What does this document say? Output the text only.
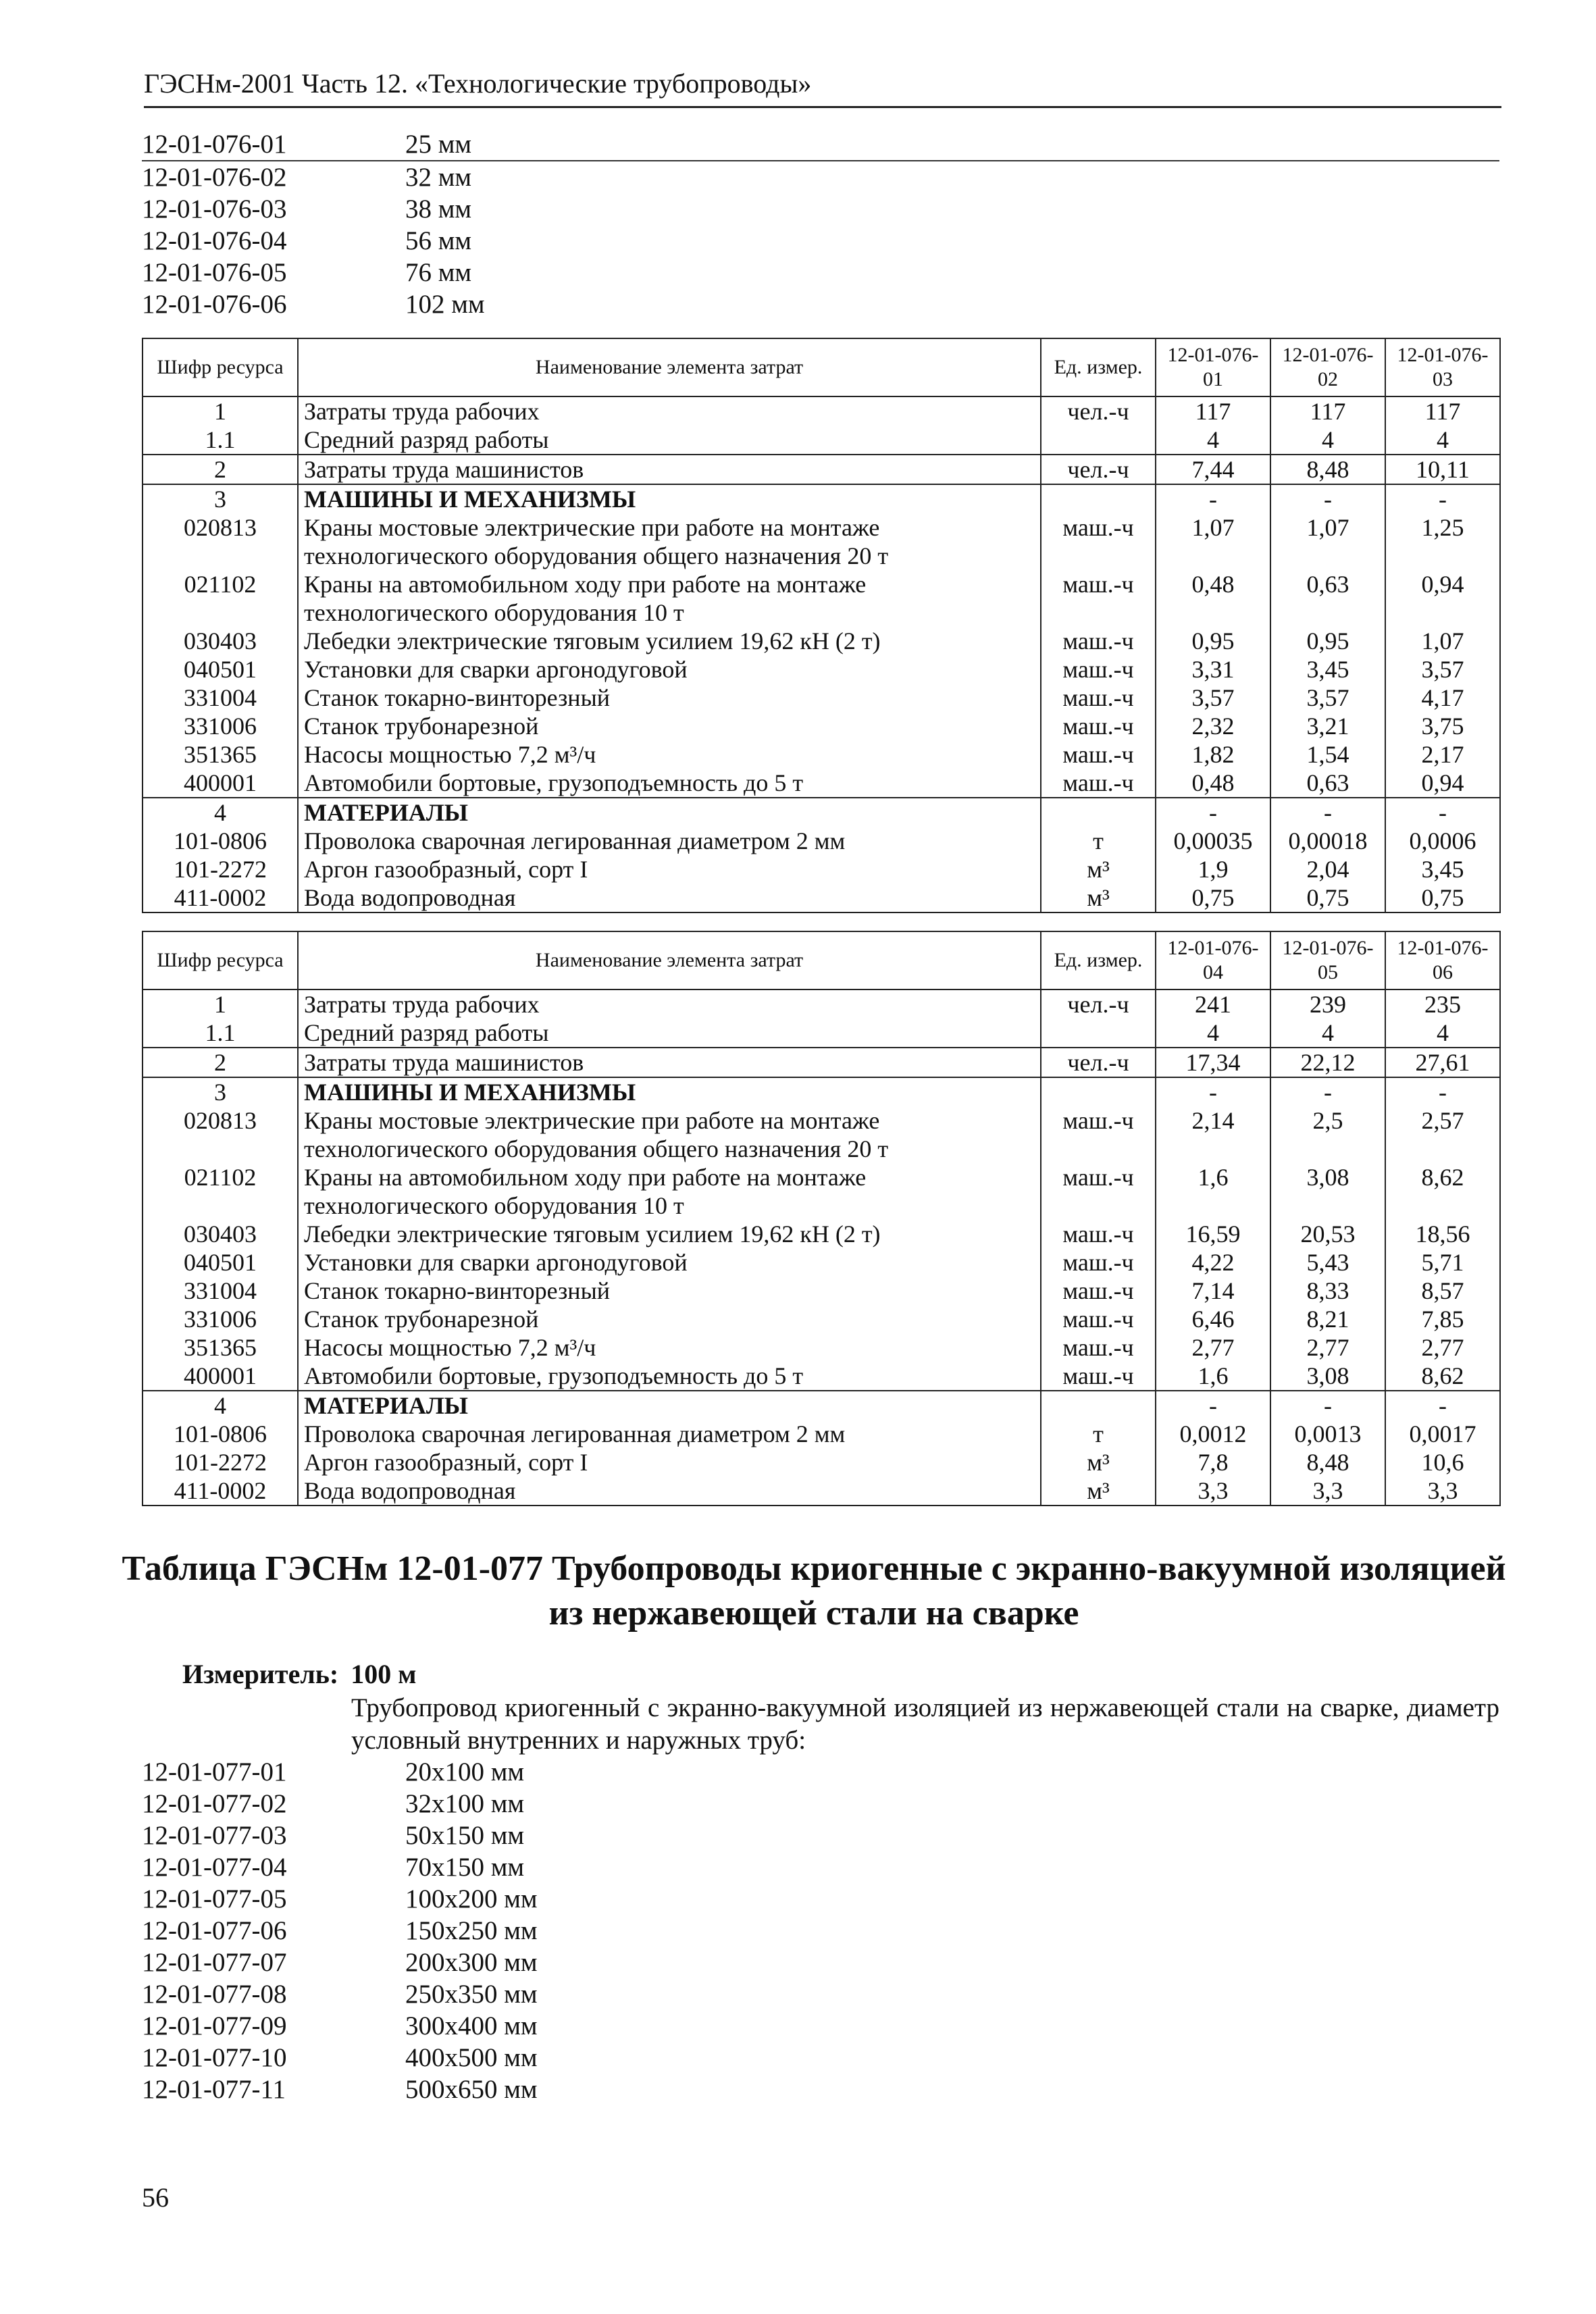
ГЭСНм-2001 Часть 12. «Технологические трубопроводы»
12-01-076-01	25 мм
12-01-076-02	32 мм
12-01-076-03	38 мм
12-01-076-04	56 мм
12-01-076-05	76 мм
12-01-076-06	102 мм
Шифр ресурса	Наименование элемента затрат	Ед. измер.	12-01-076-01	12-01-076-02	12-01-076-03
1	Затраты труда рабочих	чел.-ч	117	117	117
1.1	Средний разряд работы		4	4	4
2	Затраты труда машинистов	чел.-ч	7,44	8,48	10,11
3	МАШИНЫ И МЕХАНИЗМЫ		-	-	-
020813	Краны мостовые электрические при работе на монтаже технологического оборудования общего назначения 20 т	маш.-ч	1,07	1,07	1,25
021102	Краны на автомобильном ходу при работе на монтаже технологического оборудования 10 т	маш.-ч	0,48	0,63	0,94
030403	Лебедки электрические тяговым усилием 19,62 кН (2 т)	маш.-ч	0,95	0,95	1,07
040501	Установки для сварки аргонодуговой	маш.-ч	3,31	3,45	3,57
331004	Станок токарно-винторезный	маш.-ч	3,57	3,57	4,17
331006	Станок трубонарезной	маш.-ч	2,32	3,21	3,75
351365	Насосы мощностью 7,2 м³/ч	маш.-ч	1,82	1,54	2,17
400001	Автомобили бортовые, грузоподъемность до 5 т	маш.-ч	0,48	0,63	0,94
4	МАТЕРИАЛЫ		-	-	-
101-0806	Проволока сварочная легированная диаметром 2 мм	т	0,00035	0,00018	0,0006
101-2272	Аргон газообразный, сорт I	м³	1,9	2,04	3,45
411-0002	Вода водопроводная	м³	0,75	0,75	0,75
Шифр ресурса	Наименование элемента затрат	Ед. измер.	12-01-076-04	12-01-076-05	12-01-076-06
1	Затраты труда рабочих	чел.-ч	241	239	235
1.1	Средний разряд работы		4	4	4
2	Затраты труда машинистов	чел.-ч	17,34	22,12	27,61
3	МАШИНЫ И МЕХАНИЗМЫ		-	-	-
020813	Краны мостовые электрические при работе на монтаже технологического оборудования общего назначения 20 т	маш.-ч	2,14	2,5	2,57
021102	Краны на автомобильном ходу при работе на монтаже технологического оборудования 10 т	маш.-ч	1,6	3,08	8,62
030403	Лебедки электрические тяговым усилием 19,62 кН (2 т)	маш.-ч	16,59	20,53	18,56
040501	Установки для сварки аргонодуговой	маш.-ч	4,22	5,43	5,71
331004	Станок токарно-винторезный	маш.-ч	7,14	8,33	8,57
331006	Станок трубонарезной	маш.-ч	6,46	8,21	7,85
351365	Насосы мощностью 7,2 м³/ч	маш.-ч	2,77	2,77	2,77
400001	Автомобили бортовые, грузоподъемность до 5 т	маш.-ч	1,6	3,08	8,62
4	МАТЕРИАЛЫ		-	-	-
101-0806	Проволока сварочная легированная диаметром 2 мм	т	0,0012	0,0013	0,0017
101-2272	Аргон газообразный, сорт I	м³	7,8	8,48	10,6
411-0002	Вода водопроводная	м³	3,3	3,3	3,3
Таблица ГЭСНм 12-01-077 Трубопроводы криогенные с экранно-вакуумной изоляцией
из нержавеющей стали на сварке
Измеритель: 100 м
Трубопровод криогенный с экранно-вакуумной изоляцией из нержавеющей стали на сварке, диаметр условный внутренних и наружных труб:
12-01-077-01	20х100 мм
12-01-077-02	32х100 мм
12-01-077-03	50х150 мм
12-01-077-04	70х150 мм
12-01-077-05	100х200 мм
12-01-077-06	150х250 мм
12-01-077-07	200х300 мм
12-01-077-08	250х350 мм
12-01-077-09	300х400 мм
12-01-077-10	400х500 мм
12-01-077-11	500х650 мм
56
